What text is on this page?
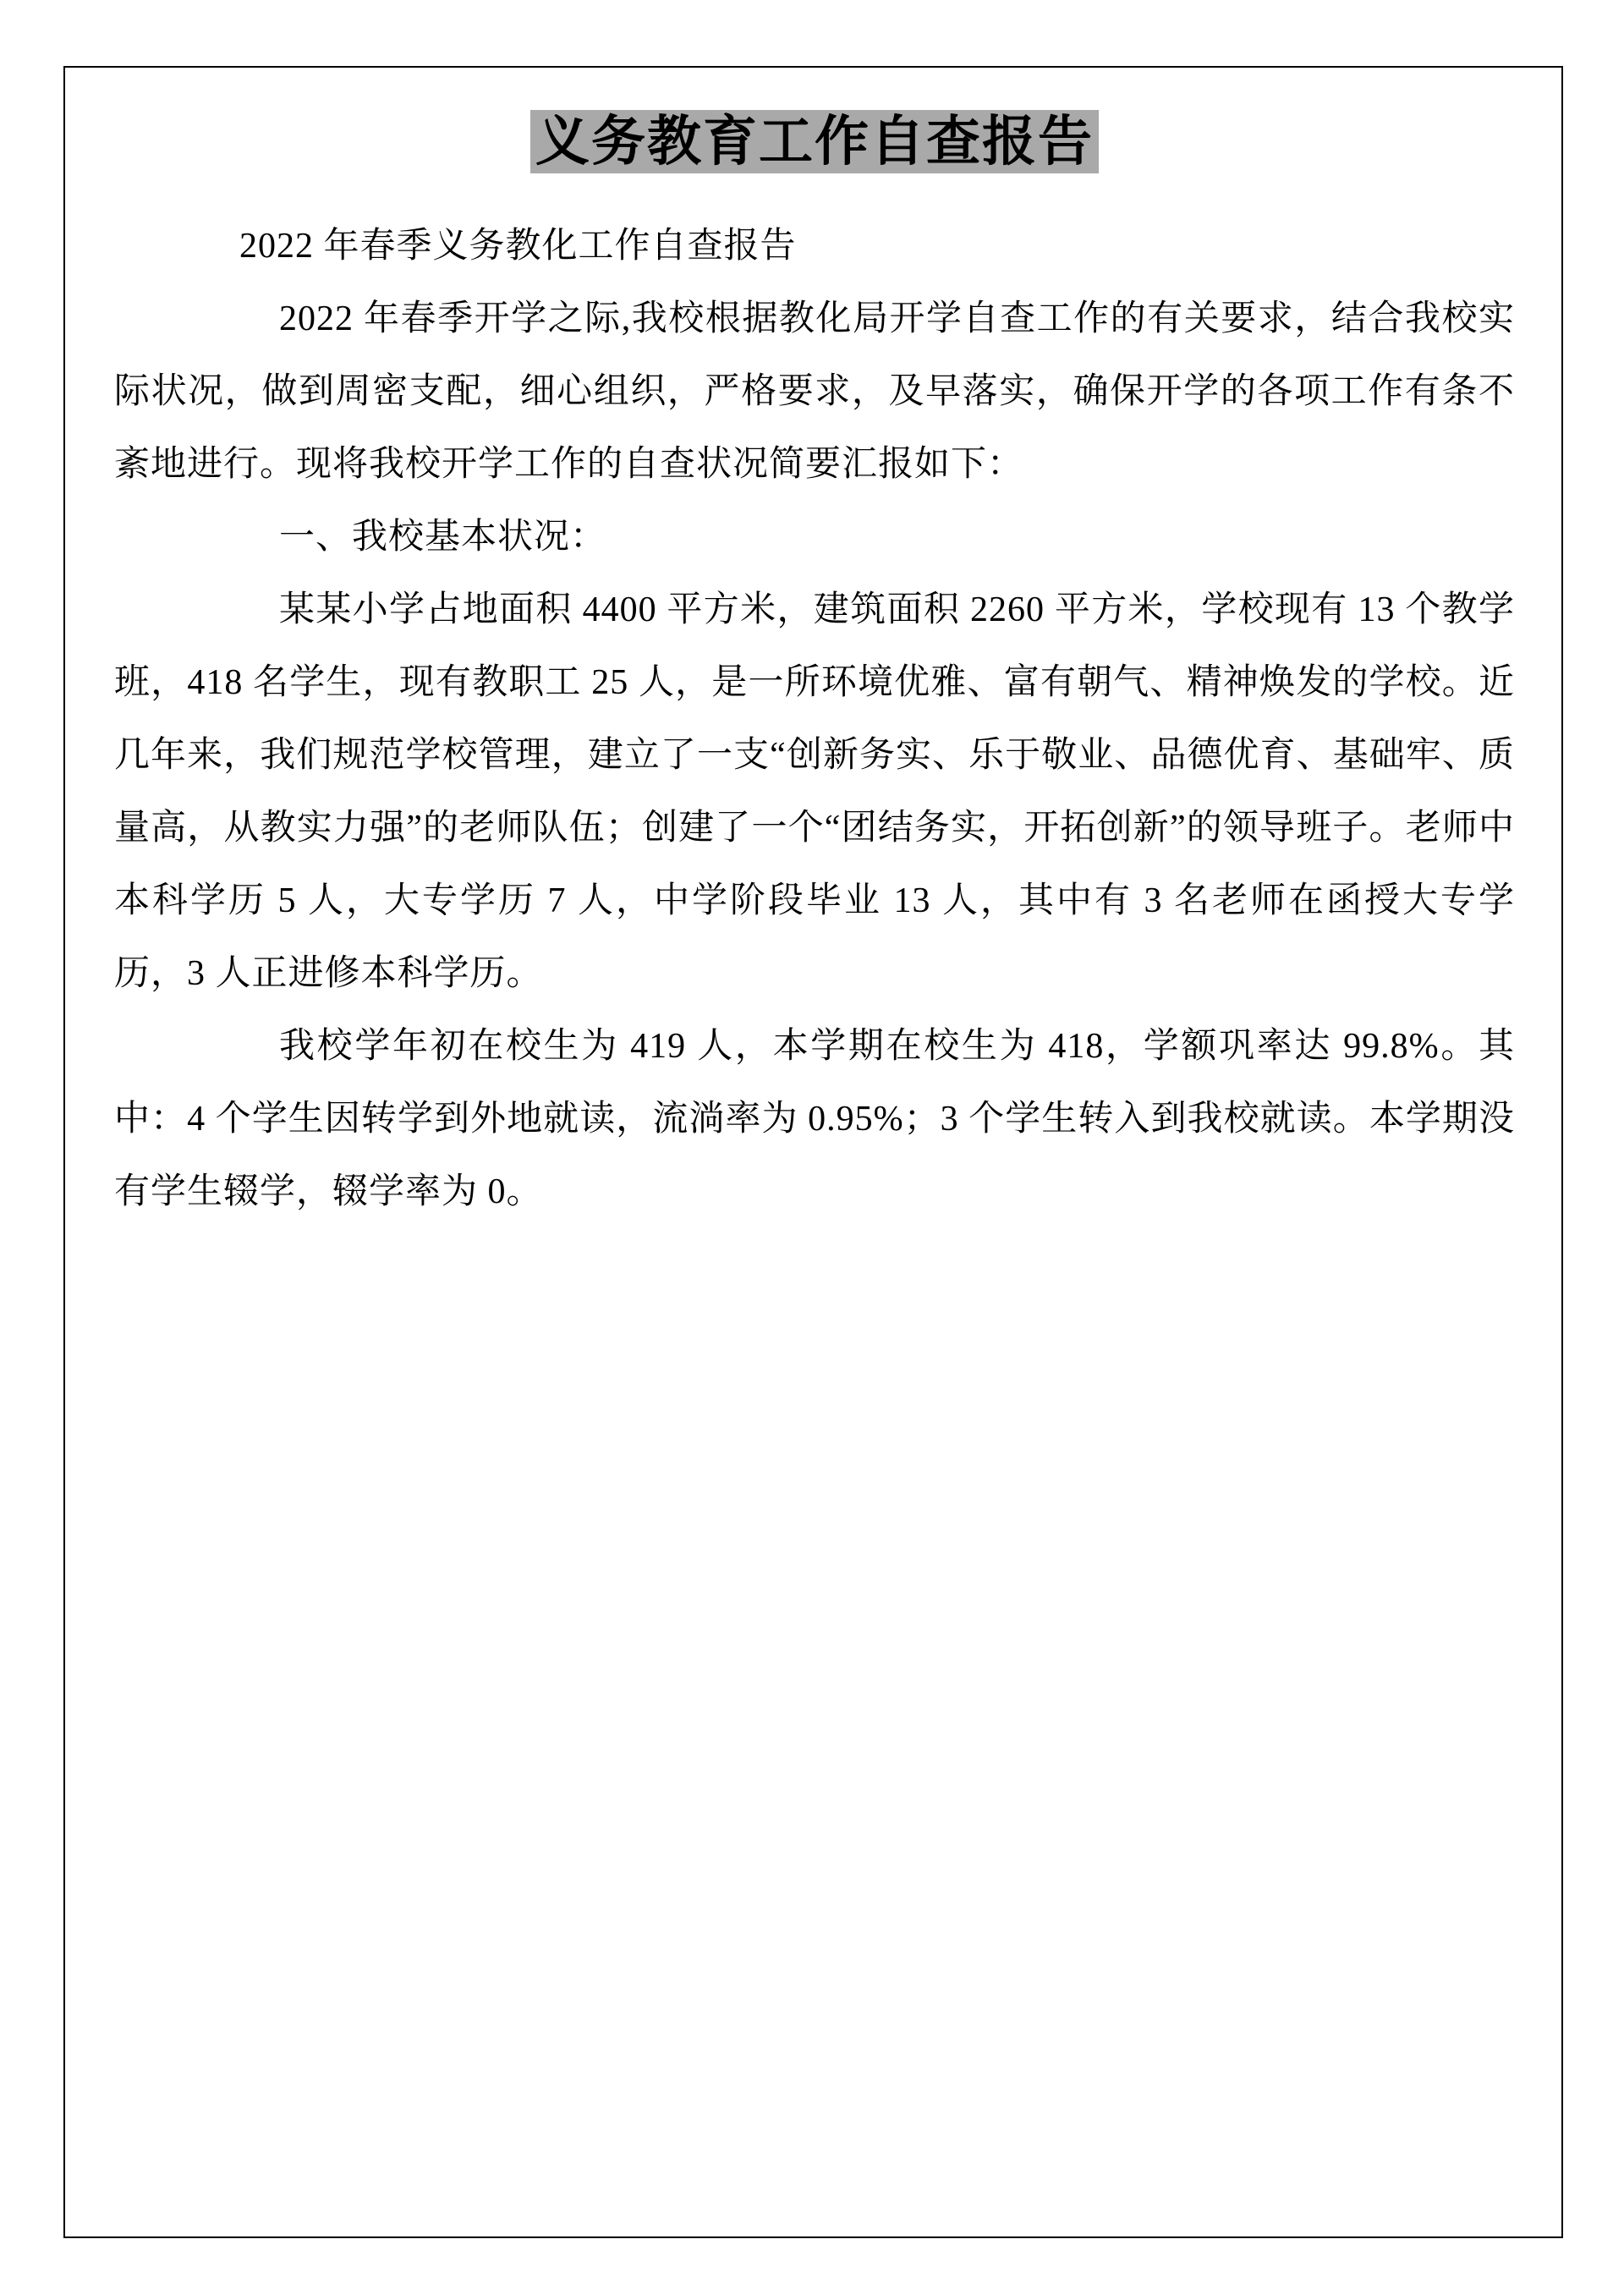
义务教育工作自查报告

2022 年春季义务教化工作自查报告

2022 年春季开学之际,我校根据教化局开学自查工作的有关要求，结合我校实际状况，做到周密支配，细心组织，严格要求，及早落实，确保开学的各项工作有条不紊地进行。现将我校开学工作的自查状况简要汇报如下：

一、我校基本状况：

某某小学占地面积 4400 平方米，建筑面积 2260 平方米，学校现有 13 个教学班，418 名学生，现有教职工 25 人，是一所环境优雅、富有朝气、精神焕发的学校。近几年来，我们规范学校管理，建立了一支“创新务实、乐于敬业、品德优育、基础牢、质量高，从教实力强”的老师队伍；创建了一个“团结务实，开拓创新”的领导班子。老师中本科学历 5 人，大专学历 7 人，中学阶段毕业 13 人，其中有 3 名老师在函授大专学历，3 人正进修本科学历。

我校学年初在校生为 419 人，本学期在校生为 418，学额巩率达 99.8%。其中：4 个学生因转学到外地就读，流淌率为 0.95%；3 个学生转入到我校就读。本学期没有学生辍学，辍学率为 0。
